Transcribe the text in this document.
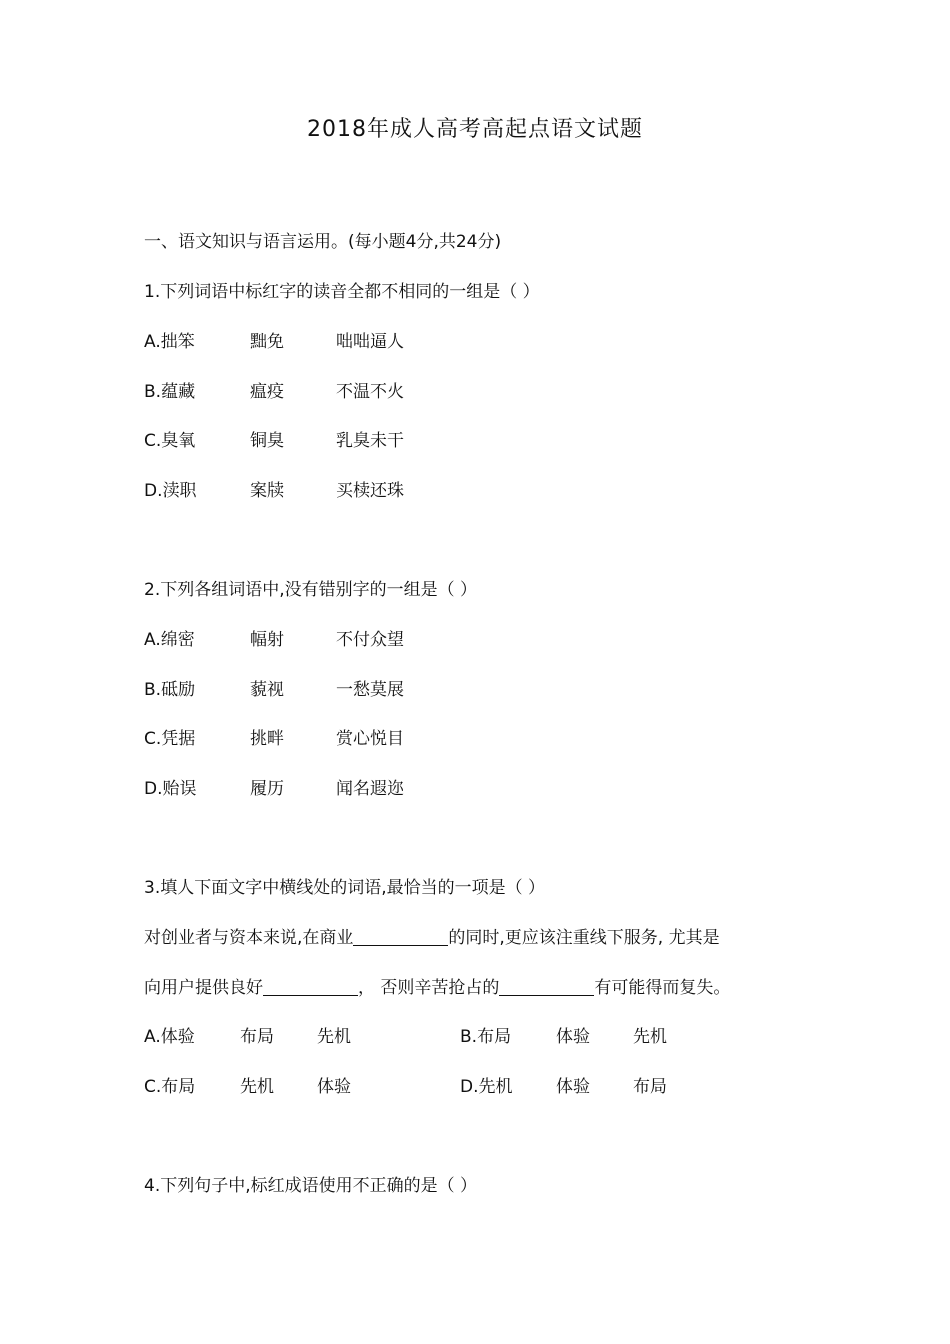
2018年成人高考高起点语文试题
一、语文知识与语言运用。(每小题4分,共24分)
1.下列词语中标红字的读音全都不相同的一组是（ ）
A.拙笨	黜免	咄咄逼人
B.蕴藏	瘟疫	不温不火
C.臭氧	铜臭	乳臭未干
D.渎职	案牍	买椟还珠
2.下列各组词语中,没有错别字的一组是（ ）
A.绵密	幅射	不付众望
B.砥励	藐视	一愁莫展
C.凭据	挑畔	赏心悦目
D.贻误	履历	闻名遐迩
3.填人下面文字中横线处的词语,最恰当的一项是（ ）
对创业者与资本来说,在商业	的同时,更应该注重线下服务, 尤其是
向用户提供良好	， 否则辛苦抢占的	有可能得而复失。
A.体验	布局	先机	B.布局	体验	先机
C.布局	先机	体验	D.先机	体验	布局
4.下列句子中,标红成语使用不正确的是（ ）
